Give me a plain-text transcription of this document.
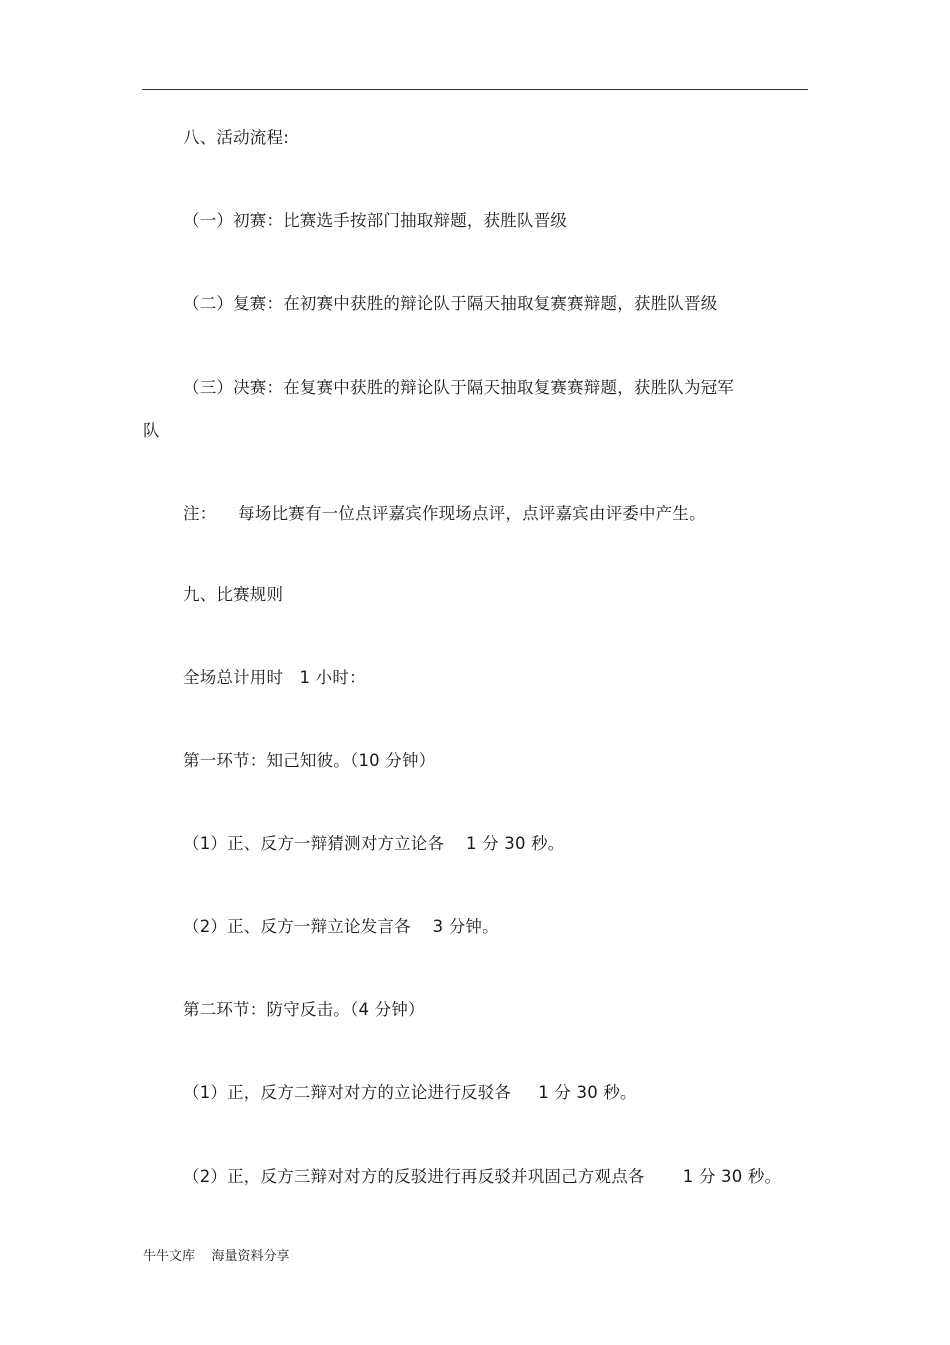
八、活动流程:
（一）初赛：比赛选手按部门抽取辩题，获胜队晋级
（二）复赛：在初赛中获胜的辩论队于隔天抽取复赛赛辩题，获胜队晋级
（三）决赛：在复赛中获胜的辩论队于隔天抽取复赛赛辩题，获胜队为冠军
队
注：    每场比赛有一位点评嘉宾作现场点评，点评嘉宾由评委中产生。
九、比赛规则
全场总计用时   1 小时：
第一环节：知己知彼。（10 分钟）
（1）正、反方一辩猜测对方立论各    1 分 30 秒。
（2）正、反方一辩立论发言各    3 分钟。
第二环节：防守反击。（4 分钟）
（1）正，反方二辩对对方的立论进行反驳各     1 分 30 秒。
（2）正，反方三辩对对方的反驳进行再反驳并巩固己方观点各       1 分 30 秒。
牛牛文库    海量资料分享
